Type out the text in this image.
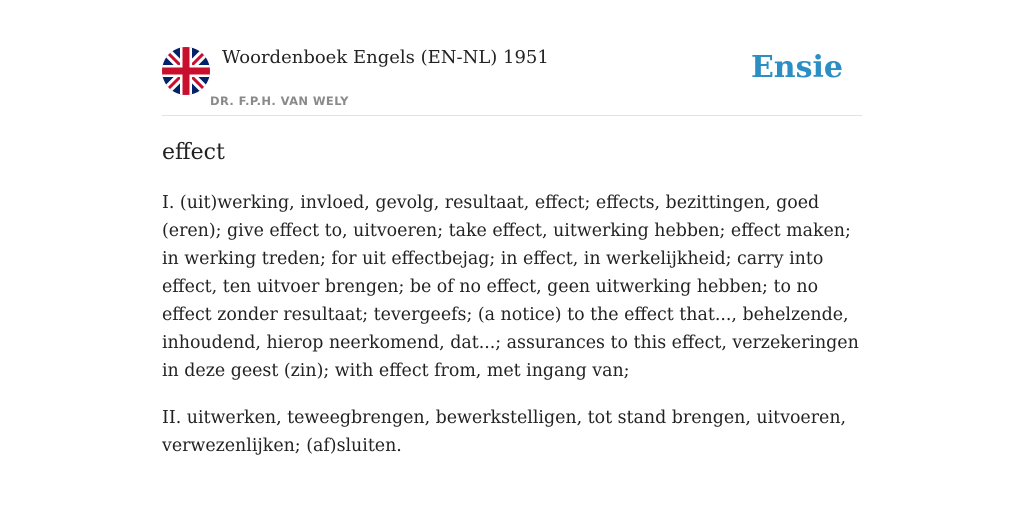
Woordenboek Engels (EN-NL) 1951
DR. F.P.H. VAN WELY
Ensie
effect

I. (uit)werking, invloed, gevolg, resultaat, effect; effects, bezittingen, goed (eren); give effect to, uitvoeren; take effect, uitwerking hebben; effect maken; in werking treden; for uit effectbejag; in effect, in werkelijkheid; carry into effect, ten uitvoer brengen; be of no effect, geen uitwerking hebben; to no effect zonder resultaat; tevergeefs; (a notice) to the effect that..., behelzende, inhoudend, hierop neerkomend, dat...; assurances to this effect, verzekeringen in deze geest (zin); with effect from, met ingang van;

II. uitwerken, teweegbrengen, bewerkstelligen, tot stand brengen, uitvoeren, verwezenlijken; (af)sluiten.
